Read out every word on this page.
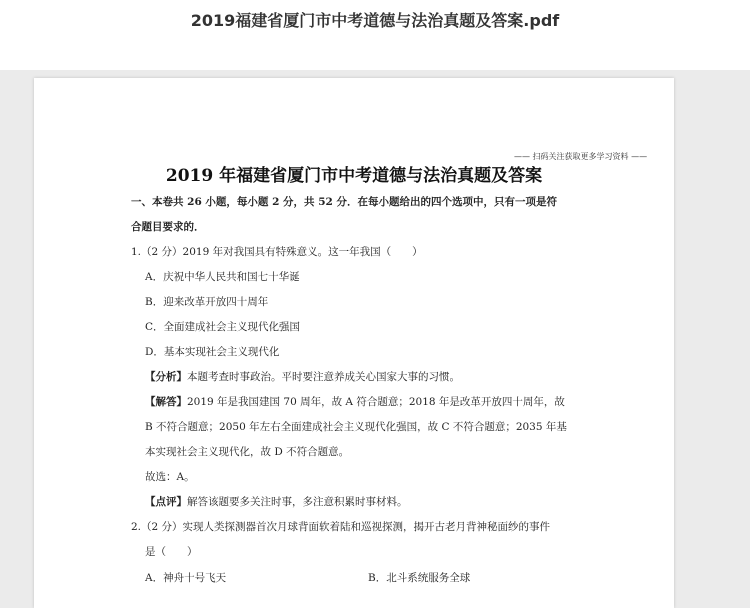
2019福建省厦门市中考道德与法治真题及答案.pdf
—— 扫码关注获取更多学习资料 ——
2019 年福建省厦门市中考道德与法治真题及答案
一、本卷共 26 小题，每小题 2 分，共 52 分．在每小题给出的四个选项中，只有一项是符
合题目要求的．
1.（2 分）2019 年对我国具有特殊意义。这一年我国（　　）
A．庆祝中华人民共和国七十华诞
B．迎来改革开放四十周年
C．全面建成社会主义现代化强国
D．基本实现社会主义现代化
【分析】本题考查时事政治。平时要注意养成关心国家大事的习惯。
【解答】2019 年是我国建国 70 周年，故 A 符合题意；2018 年是改革开放四十周年，故
B 不符合题意；2050 年左右全面建成社会主义现代化强国，故 C 不符合题意；2035 年基
本实现社会主义现代化，故 D 不符合题意。
故选：A。
【点评】解答该题要多关注时事，多注意积累时事材料。
2.（2 分）实现人类探测器首次月球背面软着陆和巡视探测，揭开古老月背神秘面纱的事件
是（　　）
A．神舟十号飞天	B．北斗系统服务全球
